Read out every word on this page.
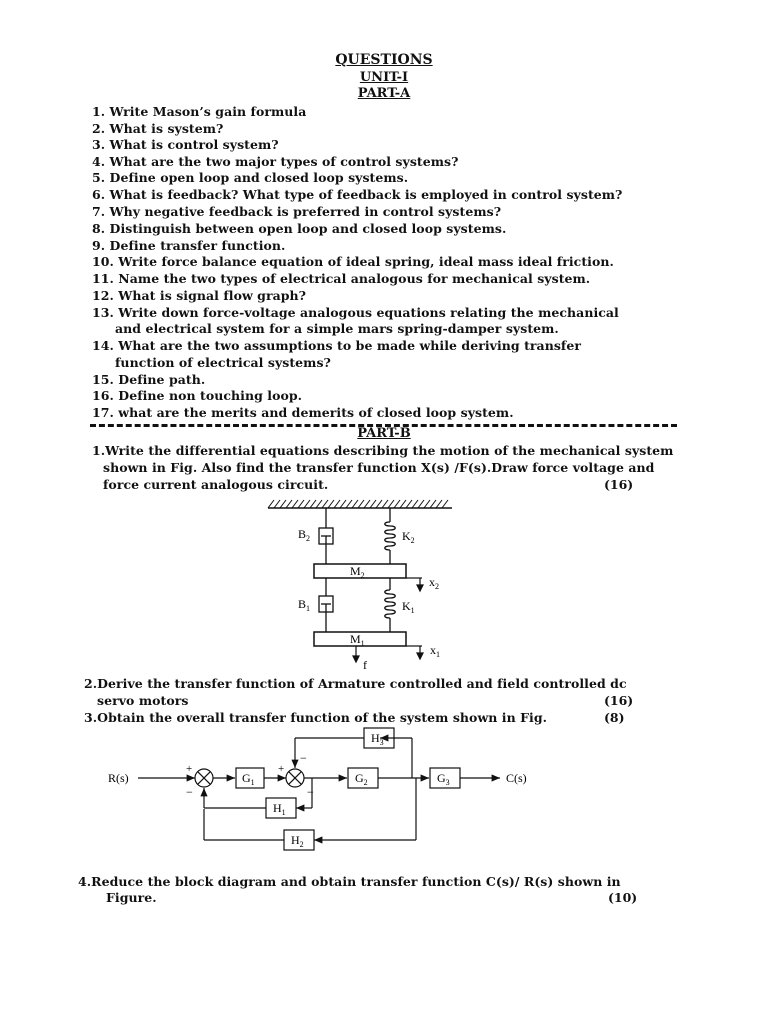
QUESTIONS
UNIT-I
PART-A
1. Write Mason’s gain formula
2. What is system?
3. What is control system?
4. What are the two major types of control systems?
5. Define open loop and closed loop systems.
6. What is feedback? What type of feedback is employed in control system?
7. Why negative feedback is preferred in control systems?
8. Distinguish between open loop and closed loop systems.
9. Define transfer function.
10. Write force balance equation of ideal spring, ideal mass ideal friction.
11. Name the two types of electrical analogous for mechanical system.
12. What is signal flow graph?
13. Write down force-voltage analogous equations relating the mechanical
and electrical system for a simple mars spring-damper system.
14. What are the two assumptions to be made while deriving transfer
function of electrical systems?
15. Define path.
16. Define non touching loop.
17. what are the merits and demerits of closed loop system.
PART-B
1.Write the differential equations describing the motion of the mechanical system
shown in Fig. Also find the transfer function X(s) /F(s).Draw force voltage and
force current analogous circuit.	(16)
$B_2$	$K_2$
$M_2$	$x_2$
$B_1$	$K_1$
$M_1$	$x_1$
f
2.Derive the transfer function of Armature controlled and field controlled dc
servo motors	(16)
3.Obtain the overall transfer function of the system shown in Fig.	(8)
R(s)	C(s)
$G_1$	$G_2$	$G_3$
$H_3$
$H_1$
$H_2$
+
−
+
−
−
4.Reduce the block diagram and obtain transfer function C(s)/ R(s) shown in
Figure.	(10)
